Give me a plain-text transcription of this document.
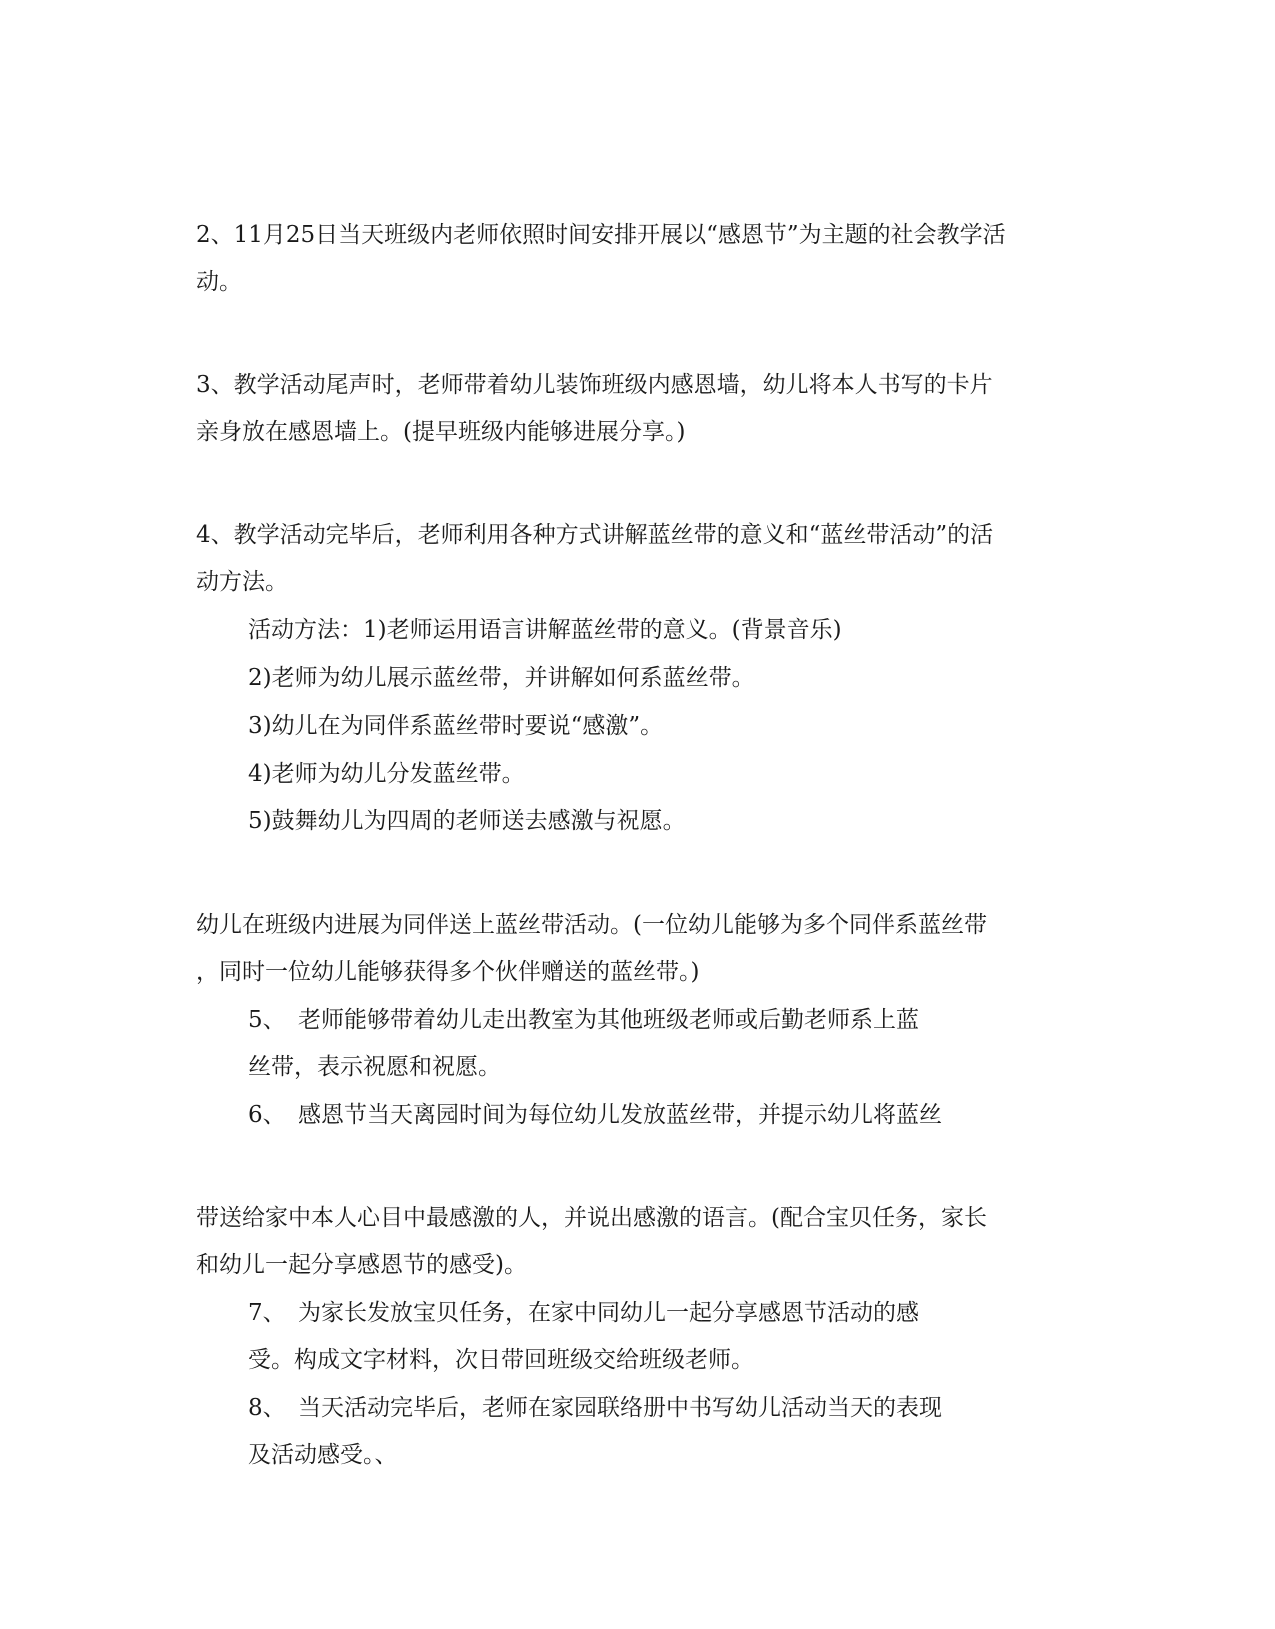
2、11月25日当天班级内老师依照时间安排开展以“感恩节”为主题的社会教学活
动。
3、教学活动尾声时，老师带着幼儿装饰班级内感恩墙，幼儿将本人书写的卡片
亲身放在感恩墙上。(提早班级内能够进展分享。)
4、教学活动完毕后，老师利用各种方式讲解蓝丝带的意义和“蓝丝带活动”的活
动方法。
活动方法：1)老师运用语言讲解蓝丝带的意义。(背景音乐)
2)老师为幼儿展示蓝丝带，并讲解如何系蓝丝带。
3)幼儿在为同伴系蓝丝带时要说“感激”。
4)老师为幼儿分发蓝丝带。
5)鼓舞幼儿为四周的老师送去感激与祝愿。
幼儿在班级内进展为同伴送上蓝丝带活动。(一位幼儿能够为多个同伴系蓝丝带
，同时一位幼儿能够获得多个伙伴赠送的蓝丝带。)
5、 老师能够带着幼儿走出教室为其他班级老师或后勤老师系上蓝
丝带，表示祝愿和祝愿。
6、 感恩节当天离园时间为每位幼儿发放蓝丝带，并提示幼儿将蓝丝
带送给家中本人心目中最感激的人，并说出感激的语言。(配合宝贝任务，家长
和幼儿一起分享感恩节的感受)。
7、 为家长发放宝贝任务，在家中同幼儿一起分享感恩节活动的感
受。构成文字材料，次日带回班级交给班级老师。
8、 当天活动完毕后，老师在家园联络册中书写幼儿活动当天的表现
及活动感受。、
